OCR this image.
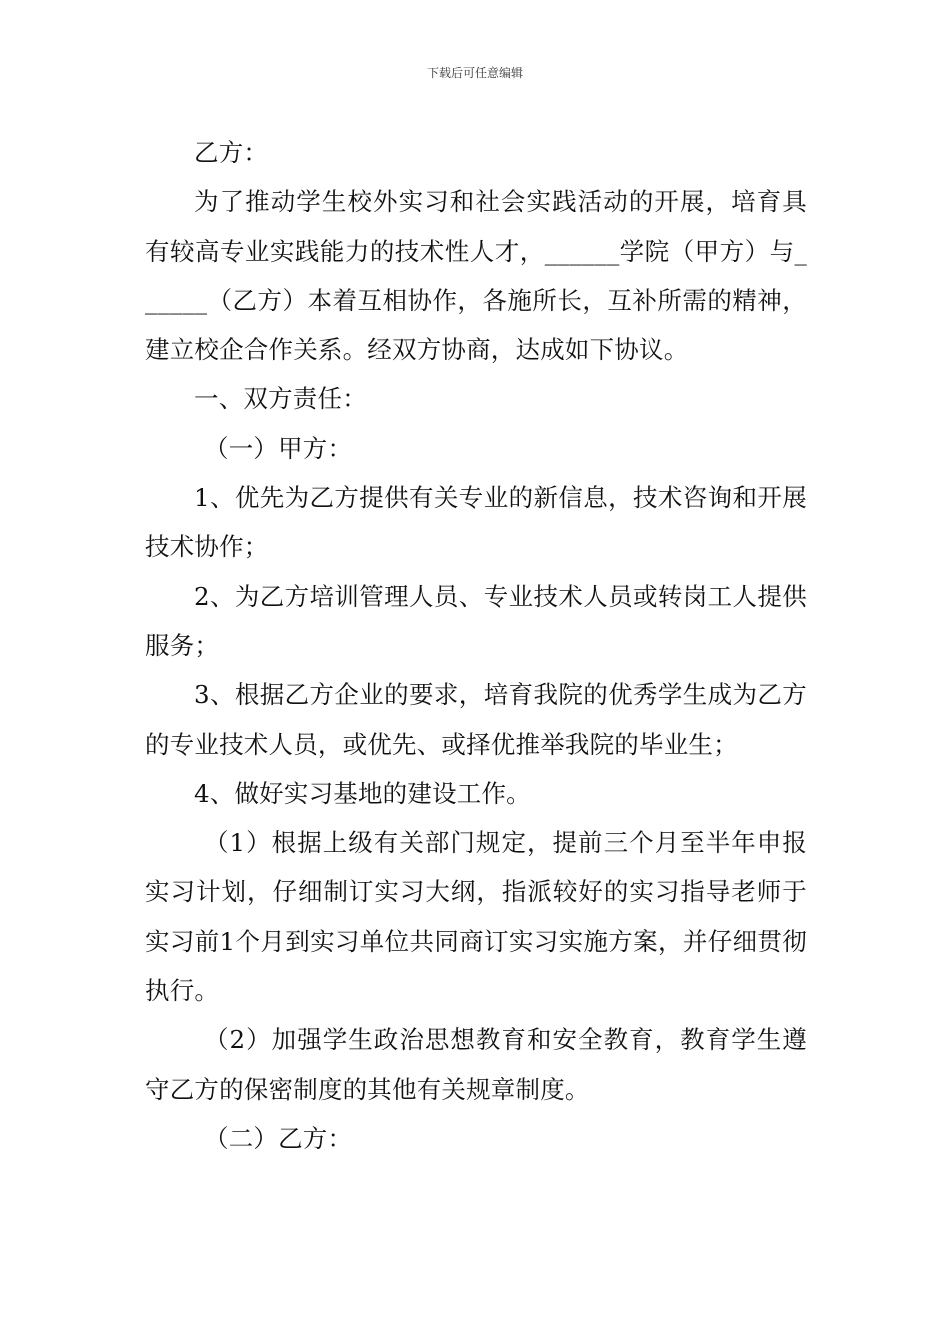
下载后可任意编辑

乙方：

为了推动学生校外实习和社会实践活动的开展，培育具有较高专业实践能力的技术性人才，______学院（甲方）与______（乙方）本着互相协作，各施所长，互补所需的精神，建立校企合作关系。经双方协商，达成如下协议。

一、双方责任：

（一）甲方：

1、优先为乙方提供有关专业的新信息，技术咨询和开展技术协作；

2、为乙方培训管理人员、专业技术人员或转岗工人提供服务；

3、根据乙方企业的要求，培育我院的优秀学生成为乙方的专业技术人员，或优先、或择优推举我院的毕业生；

4、做好实习基地的建设工作。

（1）根据上级有关部门规定，提前三个月至半年申报实习计划，仔细制订实习大纲，指派较好的实习指导老师于实习前1个月到实习单位共同商订实习实施方案，并仔细贯彻执行。

（2）加强学生政治思想教育和安全教育，教育学生遵守乙方的保密制度的其他有关规章制度。

（二）乙方：
